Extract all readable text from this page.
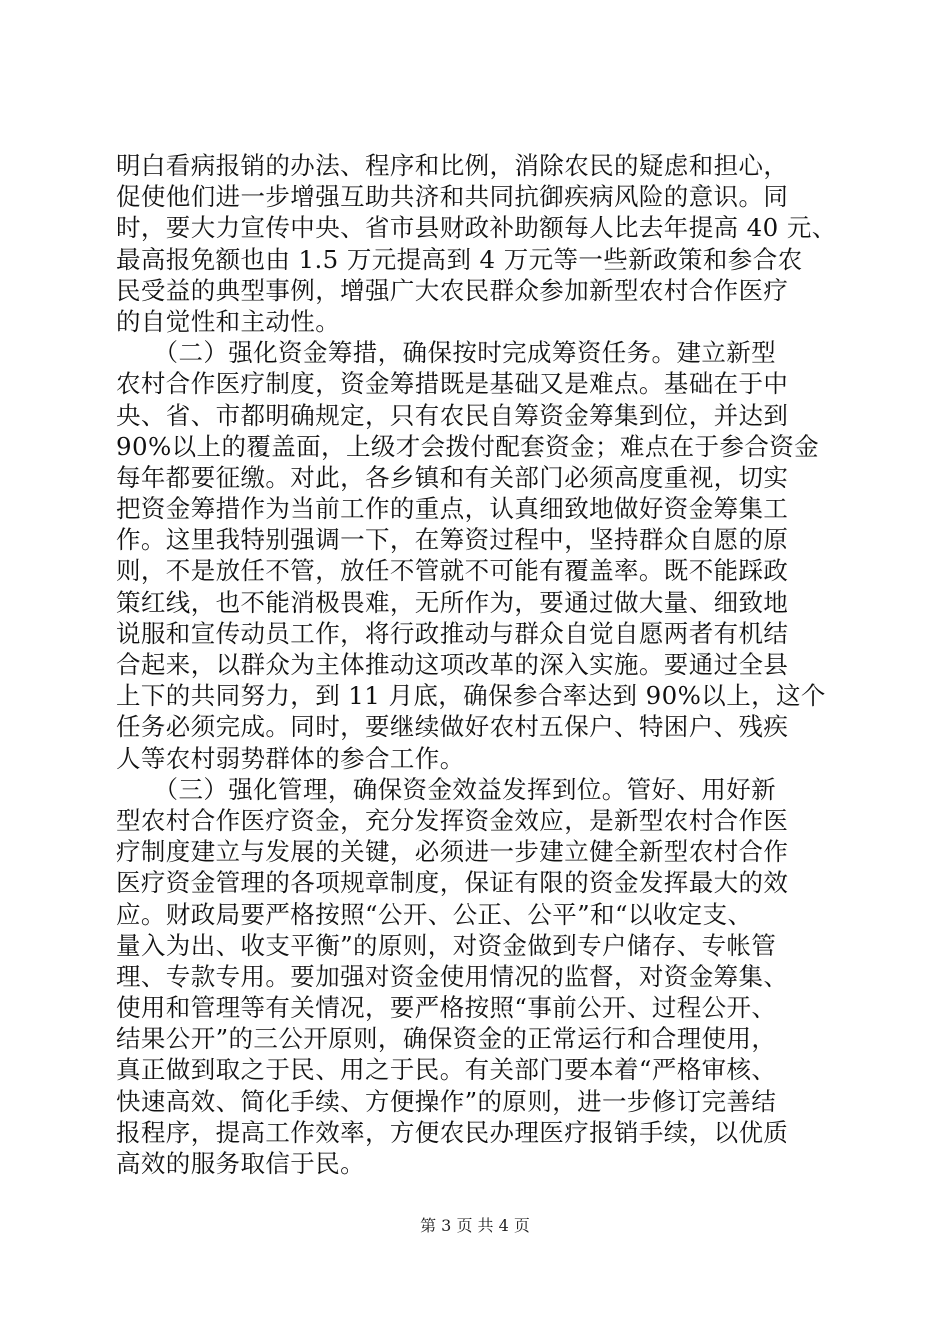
明白看病报销的办法、程序和比例，消除农民的疑虑和担心，
促使他们进一步增强互助共济和共同抗御疾病风险的意识。同
时，要大力宣传中央、省市县财政补助额每人比去年提高 40 元、
最高报免额也由 1.5 万元提高到 4 万元等一些新政策和参合农
民受益的典型事例，增强广大农民群众参加新型农村合作医疗
的自觉性和主动性。
　　（二）强化资金筹措，确保按时完成筹资任务。建立新型
农村合作医疗制度，资金筹措既是基础又是难点。基础在于中
央、省、市都明确规定，只有农民自筹资金筹集到位，并达到
90%以上的覆盖面，上级才会拨付配套资金；难点在于参合资金
每年都要征缴。对此，各乡镇和有关部门必须高度重视，切实
把资金筹措作为当前工作的重点，认真细致地做好资金筹集工
作。这里我特别强调一下，在筹资过程中，坚持群众自愿的原
则，不是放任不管，放任不管就不可能有覆盖率。既不能踩政
策红线，也不能消极畏难，无所作为，要通过做大量、细致地
说服和宣传动员工作，将行政推动与群众自觉自愿两者有机结
合起来，以群众为主体推动这项改革的深入实施。要通过全县
上下的共同努力，到 11 月底，确保参合率达到 90%以上，这个
任务必须完成。同时，要继续做好农村五保户、特困户、残疾
人等农村弱势群体的参合工作。
　　（三）强化管理，确保资金效益发挥到位。管好、用好新
型农村合作医疗资金，充分发挥资金效应，是新型农村合作医
疗制度建立与发展的关键，必须进一步建立健全新型农村合作
医疗资金管理的各项规章制度，保证有限的资金发挥最大的效
应。财政局要严格按照“公开、公正、公平”和“以收定支、
量入为出、收支平衡”的原则，对资金做到专户储存、专帐管
理、专款专用。要加强对资金使用情况的监督，对资金筹集、
使用和管理等有关情况，要严格按照“事前公开、过程公开、
结果公开”的三公开原则，确保资金的正常运行和合理使用，
真正做到取之于民、用之于民。有关部门要本着“严格审核、
快速高效、简化手续、方便操作”的原则，进一步修订完善结
报程序，提高工作效率，方便农民办理医疗报销手续，以优质
高效的服务取信于民。
第 3 页 共 4 页
